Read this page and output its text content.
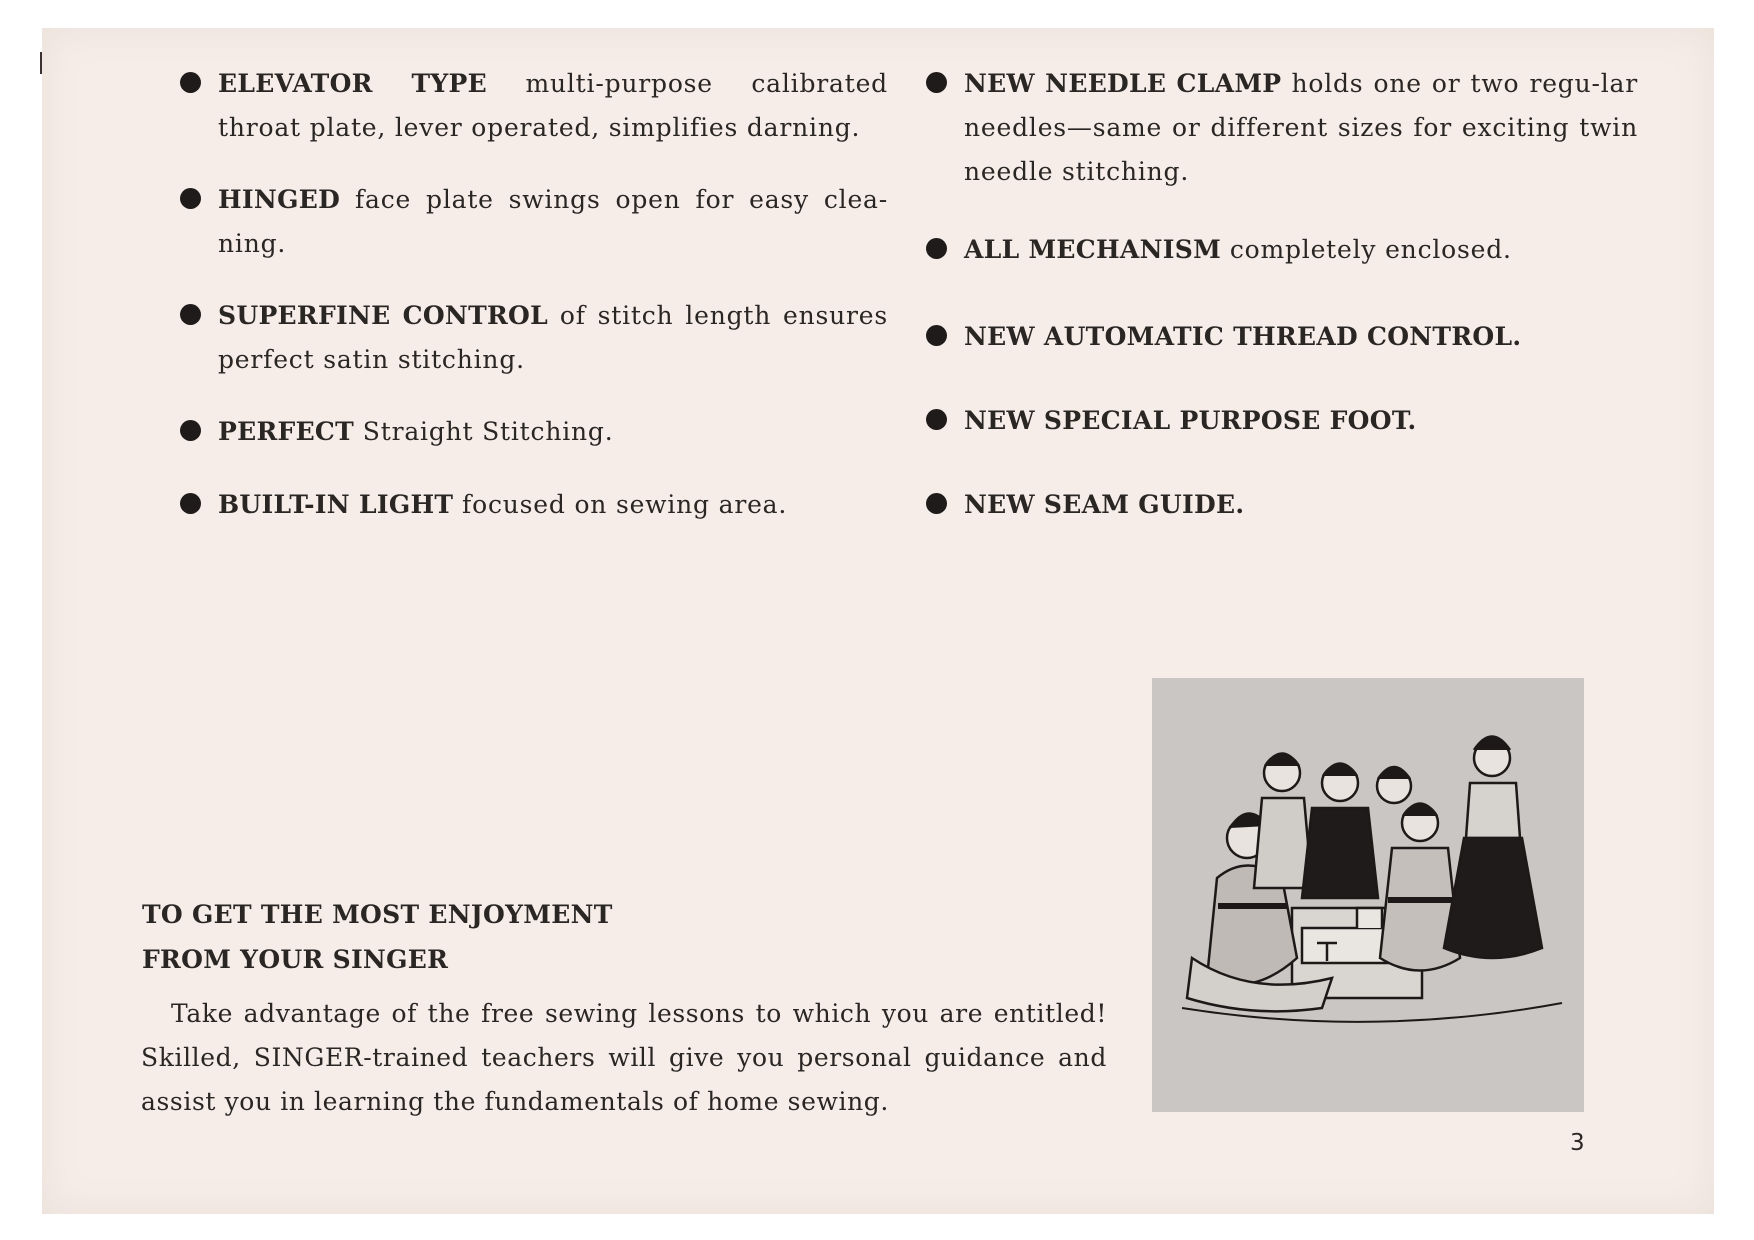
ELEVATOR TYPE multi-purpose calibrated throat plate, lever operated, simplifies darning.
HINGED face plate swings open for easy clea-ning.
SUPERFINE CONTROL of stitch length ensures perfect satin stitching.
PERFECT Straight Stitching.
BUILT-IN LIGHT focused on sewing area.
NEW NEEDLE CLAMP holds one or two regu-lar needles—same or different sizes for exciting twin needle stitching.
ALL MECHANISM completely enclosed.
NEW AUTOMATIC THREAD CONTROL.
NEW SPECIAL PURPOSE FOOT.
NEW SEAM GUIDE.
TO GET THE MOST ENJOYMENT
FROM YOUR SINGER
Take advantage of the free sewing lessons to which you are entitled! Skilled, SINGER-trained teachers will give you personal guidance and assist you in learning the fundamentals of home sewing.
3
